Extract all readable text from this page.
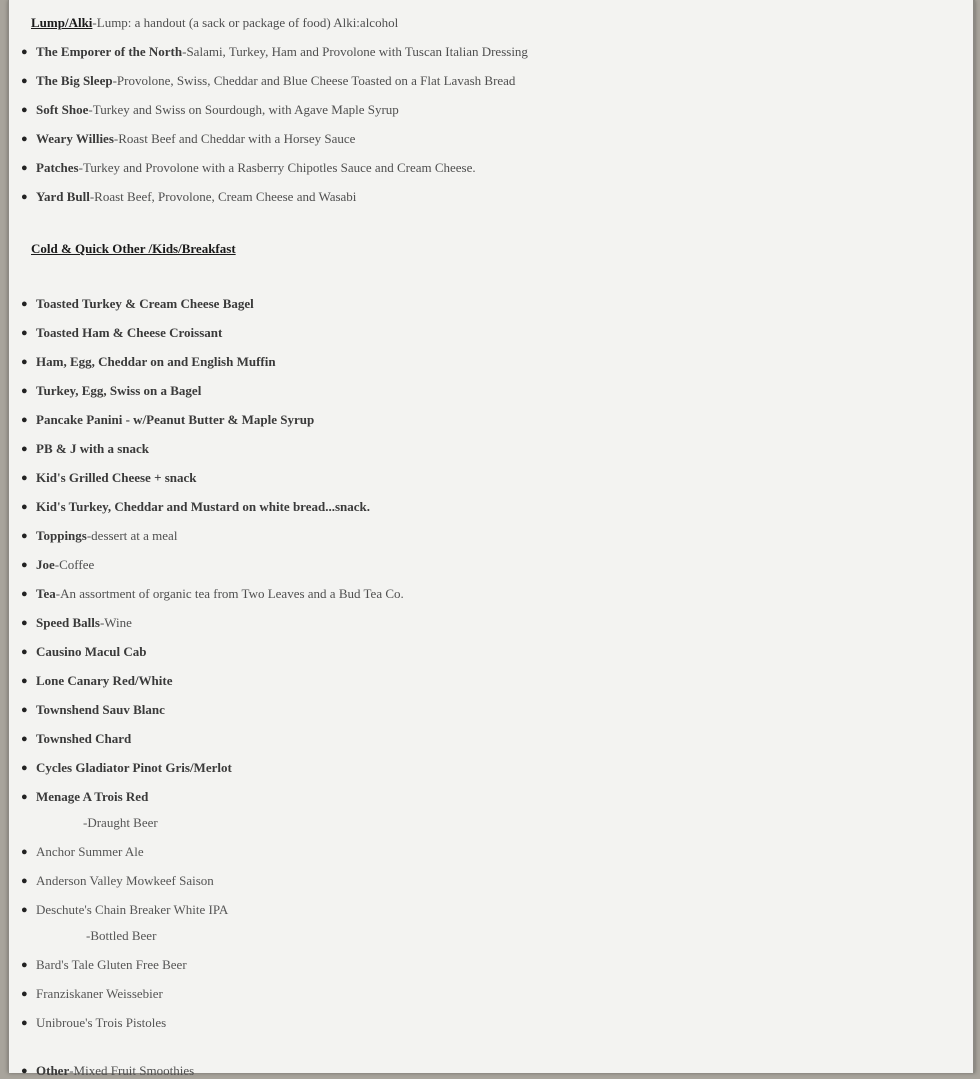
Lump/Alki-Lump: a handout (a sack or package of food) Alki:alcohol
● The Emporer of the North-Salami, Turkey, Ham and Provolone with Tuscan Italian Dressing
● The Big Sleep-Provolone, Swiss, Cheddar and Blue Cheese Toasted on a Flat Lavash Bread
● Soft Shoe-Turkey and Swiss on Sourdough, with Agave Maple Syrup
● Weary Willies-Roast Beef and Cheddar with a Horsey Sauce
● Patches-Turkey and Provolone with a Rasberry Chipotles Sauce and Cream Cheese.
● Yard Bull-Roast Beef, Provolone, Cream Cheese and Wasabi
Cold & Quick Other /Kids/Breakfast
● Toasted Turkey & Cream Cheese Bagel
● Toasted Ham & Cheese Croissant
● Ham, Egg, Cheddar on and English Muffin
● Turkey, Egg, Swiss on a Bagel
● Pancake Panini - w/Peanut Butter & Maple Syrup
● PB & J with a snack
● Kid's Grilled Cheese + snack
● Kid's Turkey, Cheddar and Mustard on white bread...snack.
● Toppings-dessert at a meal
● Joe-Coffee
● Tea-An assortment of organic tea from Two Leaves and a Bud Tea Co.
● Speed Balls-Wine
● Causino Macul Cab
● Lone Canary Red/White
● Townshend Sauv Blanc
● Townshed Chard
● Cycles Gladiator Pinot Gris/Merlot
● Menage A Trois Red
-Draught Beer
● Anchor Summer Ale
● Anderson Valley Mowkeef Saison
● Deschute's Chain Breaker White IPA
-Bottled Beer
● Bard's Tale Gluten Free Beer
● Franziskaner Weissebier
● Unibroue's Trois Pistoles
● Other-Mixed Fruit Smoothies
